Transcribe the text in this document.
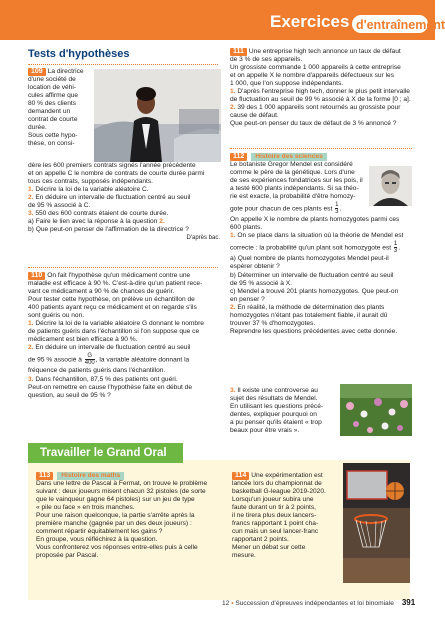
Exercices d'entraînement
Tests d'hypothèses

109 La directrice

d'une société de

location de véhi-

cules affirme que

80 % des clients

demandent un

contrat de courte

durée.

Sous cette hypo-

thèse, on consi-

dère les 600 premiers contrats signés l'année précédente

et on appelle C le nombre de contrats de courte durée parmi

tous ces contrats, supposés indépendants.

1. Décrire la loi de la variable aléatoire C.

2. En déduire un intervalle de fluctuation centré au seuil

de 95 % associé à C.

3. 550 des 600 contrats étaient de courte durée.

a) Faire le lien avec la réponse à la question 2.

b) Que peut-on penser de l'affirmation de la directrice ?

D'après bac.

110 On fait l'hypothèse qu'un médicament contre une

maladie est efficace à 90 %. C'est-à-dire qu'un patient rece-

vant ce médicament a 90 % de chances de guérir.

Pour tester cette hypothèse, on prélève un échantillon de

400 patients ayant reçu ce médicament et on regarde s'ils

sont guéris ou non.

1. Décrire la loi de la variable aléatoire G donnant le nombre

de patients guéris dans l'échantillon si l'on suppose que ce

médicament est bien efficace à 90 %.

2. En déduire un intervalle de fluctuation centré au seuil

de 95 % associé à $\frac{G}{400}$ , la variable aléatoire donnant la

fréquence de patients guéris dans l'échantillon.

3. Dans l'échantillon, 87,5 % des patients ont guéri.

Peut-on remettre en cause l'hypothèse faite en début de

question, au seuil de 95 % ?

111 Une entreprise high tech annonce un taux de défaut

de 3 % de ses appareils.

Un grossiste commande 1 000 appareils à cette entreprise

et on appelle X le nombre d'appareils défectueux sur les

1 000, que l'on suppose indépendants.

1. D'après l'entreprise high tech, donner le plus petit intervalle

de fluctuation au seuil de 99 % associé à X de la forme [0 ; a].

2. 39 des 1 000 appareils sont retournés au grossiste pour

cause de défaut.

Que peut-on penser du taux de défaut de 3 % annoncé ?

112 Histoire des sciences

Le botaniste Gregor Mendel est considéré

comme le père de la génétique. Lors d'une

de ses expériences fondatrices sur les pois, il

a testé 600 plants indépendants. Si sa théo-

rie est exacte, la probabilité d'être homozy-

gote pour chacun de ces plants est $\frac{1}{3}$ .

On appelle X le nombre de plants homozygotes parmi ces

600 plants.

1. On se place dans la situation où la théorie de Mendel est

correcte : la probabilité qu'un plant soit homozygote est $\frac{1}{3}$ .

a) Quel nombre de plants homozygotes Mendel peut-il

espérer obtenir ?

b) Déterminer un intervalle de fluctuation centré au seuil

de 95 % associé à X.

c) Mendel a trouvé 201 plants homozygotes. Que peut-on

en penser ?

2. En réalité, la méthode de détermination des plants

homozygotes n'étant pas totalement fiable, il aurait dû

trouver 37 % d'homozygotes.

Reprendre les questions précédentes avec cette donnée.

3. Il existe une controverse au

sujet des résultats de Mendel.

En utilisant les questions précé-

dentes, expliquer pourquoi on

a pu penser qu'ils étaient « trop

beaux pour être vrais ».

Travailler le Grand Oral

113 Histoire des maths

Dans une lettre de Pascal à Fermat, on trouve le problème

suivant : deux joueurs misent chacun 32 pistoles (de sorte

que le vainqueur gagne 64 pistoles) sur un jeu de type

« pile ou face » en trois manches.

Pour une raison quelconque, la partie s'arrête après la

première manche (gagnée par un des deux joueurs) :

comment répartir équitablement les gains ?

En groupe, vous réfléchirez à la question.

Vous confronterez vos réponses entre-elles puis à celle

proposée par Pascal.

114 Une expérimentation est

lancée lors du championnat de

basketball G-league 2019-2020.

Lorsqu'un joueur subira une

faute durant un tir à 2 points,

il ne tirera plus deux lancers-

francs rapportant 1 point cha-

cun mais un seul lancer-franc

rapportant 2 points.

Mener un débat sur cette

mesure.

12 • Succession d'épreuves indépendantes et loi binomiale 391
